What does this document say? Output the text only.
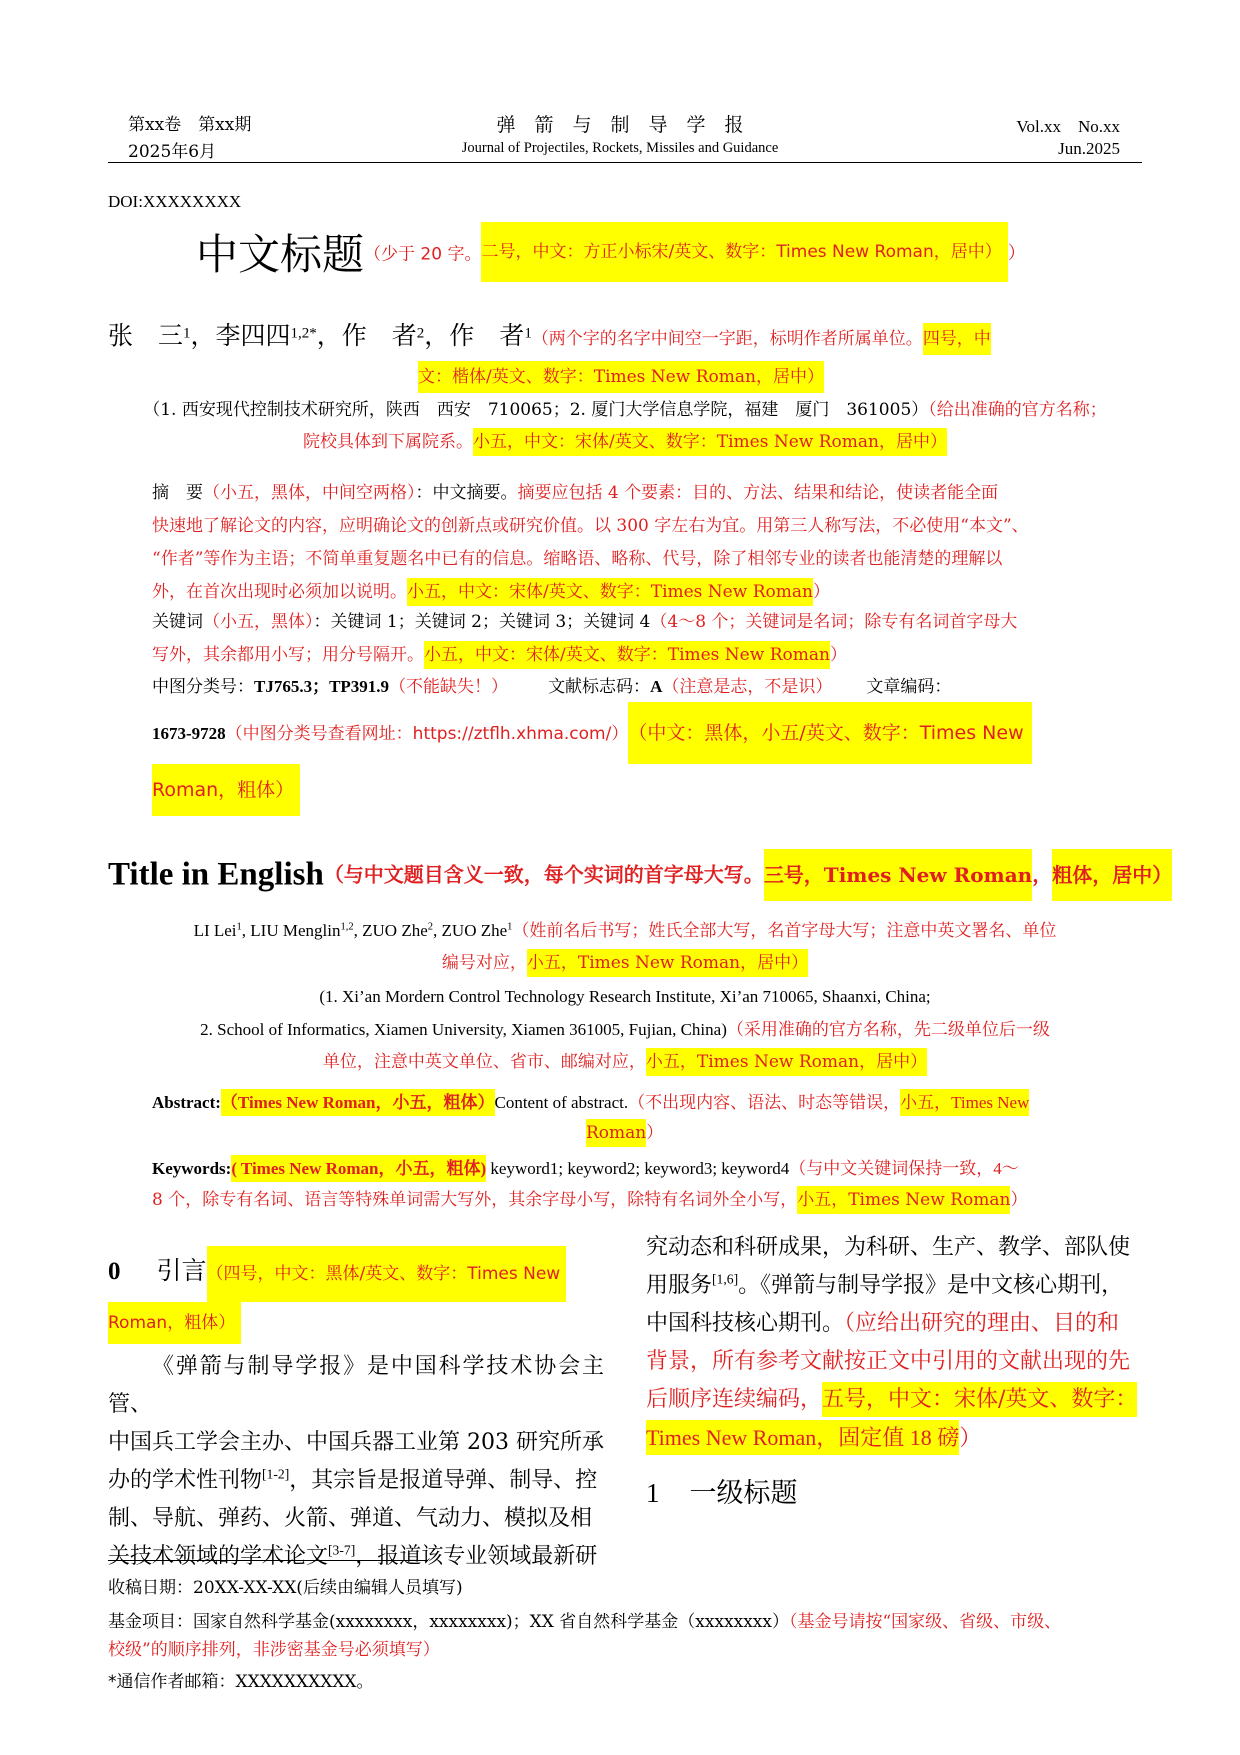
第xx卷　第xx期
2025年6月
弹　箭　与　制　导　学　报
Journal of Projectiles, Rockets, Missiles and Guidance
Vol.xx　No.xx
Jun.2025
DOI:XXXXXXXX
中文标题（少于 20 字。二号，中文：方正小标宋/英文、数字：Times New Roman，居中） ）
张　三$^1$，李四四$^{1,2*}$，作　者$^2$，作　者$^1$（两个字的名字中间空一字距，标明作者所属单位。四号，中
文：楷体/英文、数字：Times New Roman，居中）
（1. 西安现代控制技术研究所，陕西　西安　710065；2. 厦门大学信息学院，福建　厦门　361005）（给出准确的官方名称；
院校具体到下属院系。小五，中文：宋体/英文、数字：Times New Roman，居中）

摘　要（小五，黑体，中间空两格）：中文摘要。摘要应包括 4 个要素：目的、方法、结果和结论，使读者能全面

快速地了解论文的内容，应明确论文的创新点或研究价值。以 300 字左右为宜。用第三人称写法，不必使用“本文”、

“作者”等作为主语；不简单重复题名中已有的信息。缩略语、略称、代号，除了相邻专业的读者也能清楚的理解以

外，在首次出现时必须加以说明。小五，中文：宋体/英文、数字：Times New Roman）

关键词（小五，黑体）：关键词 1；关键词 2；关键词 3；关键词 4（4～8 个；关键词是名词；除专有名词首字母大

写外，其余都用小写；用分号隔开。小五，中文：宋体/英文、数字：Times New Roman）

中图分类号：TJ765.3；TP391.9（不能缺失！） 文献标志码：A（注意是志，不是识） 文章编码：
1673-9728（中图分类号查看网址：https://ztflh.xhma.com/）（中文：黑体，小五/英文、数字：Times New
Roman，粗体）
Title in English（与中文题目含义一致，每个实词的首字母大写。三号，Times New Roman，粗体，居中）
LI Lei$^1$, LIU Menglin$^{1,2}$, ZUO Zhe$^2$, ZUO Zhe$^1$（姓前名后书写；姓氏全部大写，名首字母大写；注意中英文署名、单位
编号对应，小五，Times New Roman，居中）
(1. Xi’an Mordern Control Technology Research Institute, Xi’an 710065, Shaanxi, China;
2. School of Informatics, Xiamen University, Xiamen 361005, Fujian, China)（采用准确的官方名称，先二级单位后一级
单位，注意中英文单位、省市、邮编对应，小五，Times New Roman，居中）
Abstract:（Times New Roman，小五，粗体）Content of abstract.（不出现内容、语法、时态等错误，小五，Times New
Roman）
Keywords:( Times New Roman，小五，粗体) keyword1; keyword2; keyword3; keyword4（与中文关键词保持一致，4～
8 个，除专有名词、语言等特殊单词需大写外，其余字母小写，除特有名词外全小写，小五，Times New Roman）
0 引言（四号，中文：黑体/英文、数字：Times New
Roman，粗体）

《弹箭与制导学报》是中国科学技术协会主管、

中国兵工学会主办、中国兵器工业第 203 研究所承

办的学术性刊物[1-2]，其宗旨是报道导弹、制导、控

制、导航、弹药、火箭、弹道、气动力、模拟及相

关技术领域的学术论文[3-7]，报道该专业领域最新研

究动态和科研成果，为科研、生产、教学、部队使

用服务[1,6]。《弹箭与制导学报》是中文核心期刊，

中国科技核心期刊。（应给出研究的理由、目的和

背景，所有参考文献按正文中引用的文献出现的先

后顺序连续编码，五号，中文：宋体/英文、数字：

Times New Roman，固定值 18 磅）

1 一级标题
收稿日期：20XX-XX-XX(后续由编辑人员填写)
基金项目：国家自然科学基金(xxxxxxxx，xxxxxxxx)；XX 省自然科学基金（xxxxxxxx）（基金号请按“国家级、省级、市级、
校级”的顺序排列，非涉密基金号必须填写）
*通信作者邮箱：XXXXXXXXXX。
